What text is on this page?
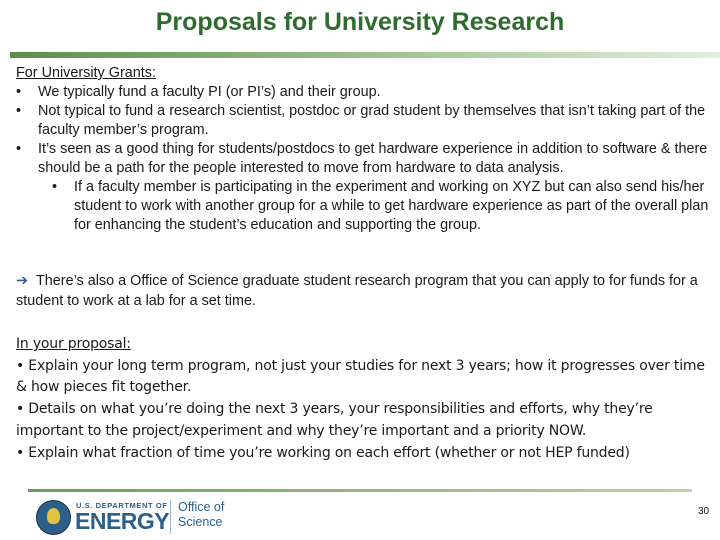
Proposals for University Research
For University Grants:
•	We typically fund a faculty PI (or PI’s) and their group.
•	Not typical to fund a research scientist, postdoc or grad student by themselves that isn’t taking part of the faculty member’s program.
•	It’s seen as a good thing for students/postdocs to get hardware experience in addition to software & there should be a path for the people interested to move from hardware to data analysis.
•	If a faculty member is participating in the experiment and working on XYZ but can also send his/her student to work with another group for a while to get hardware experience as part of the overall plan for enhancing the student’s education and supporting the group.
➔ There’s also a Office of Science graduate student research program that you can apply to for funds for a student to work at a lab for a set time.
In your proposal:
• Explain your long term program, not just your studies for next 3 years; how it progresses over time & how pieces fit together.
• Details on what you’re doing the next 3 years, your responsibilities and efforts, why they’re important to the project/experiment and why they’re important and a priority NOW.
• Explain what fraction of time you’re working on each effort (whether or not HEP funded)
U.S. DEPARTMENT OF
ENERGY
Office of
Science
30
